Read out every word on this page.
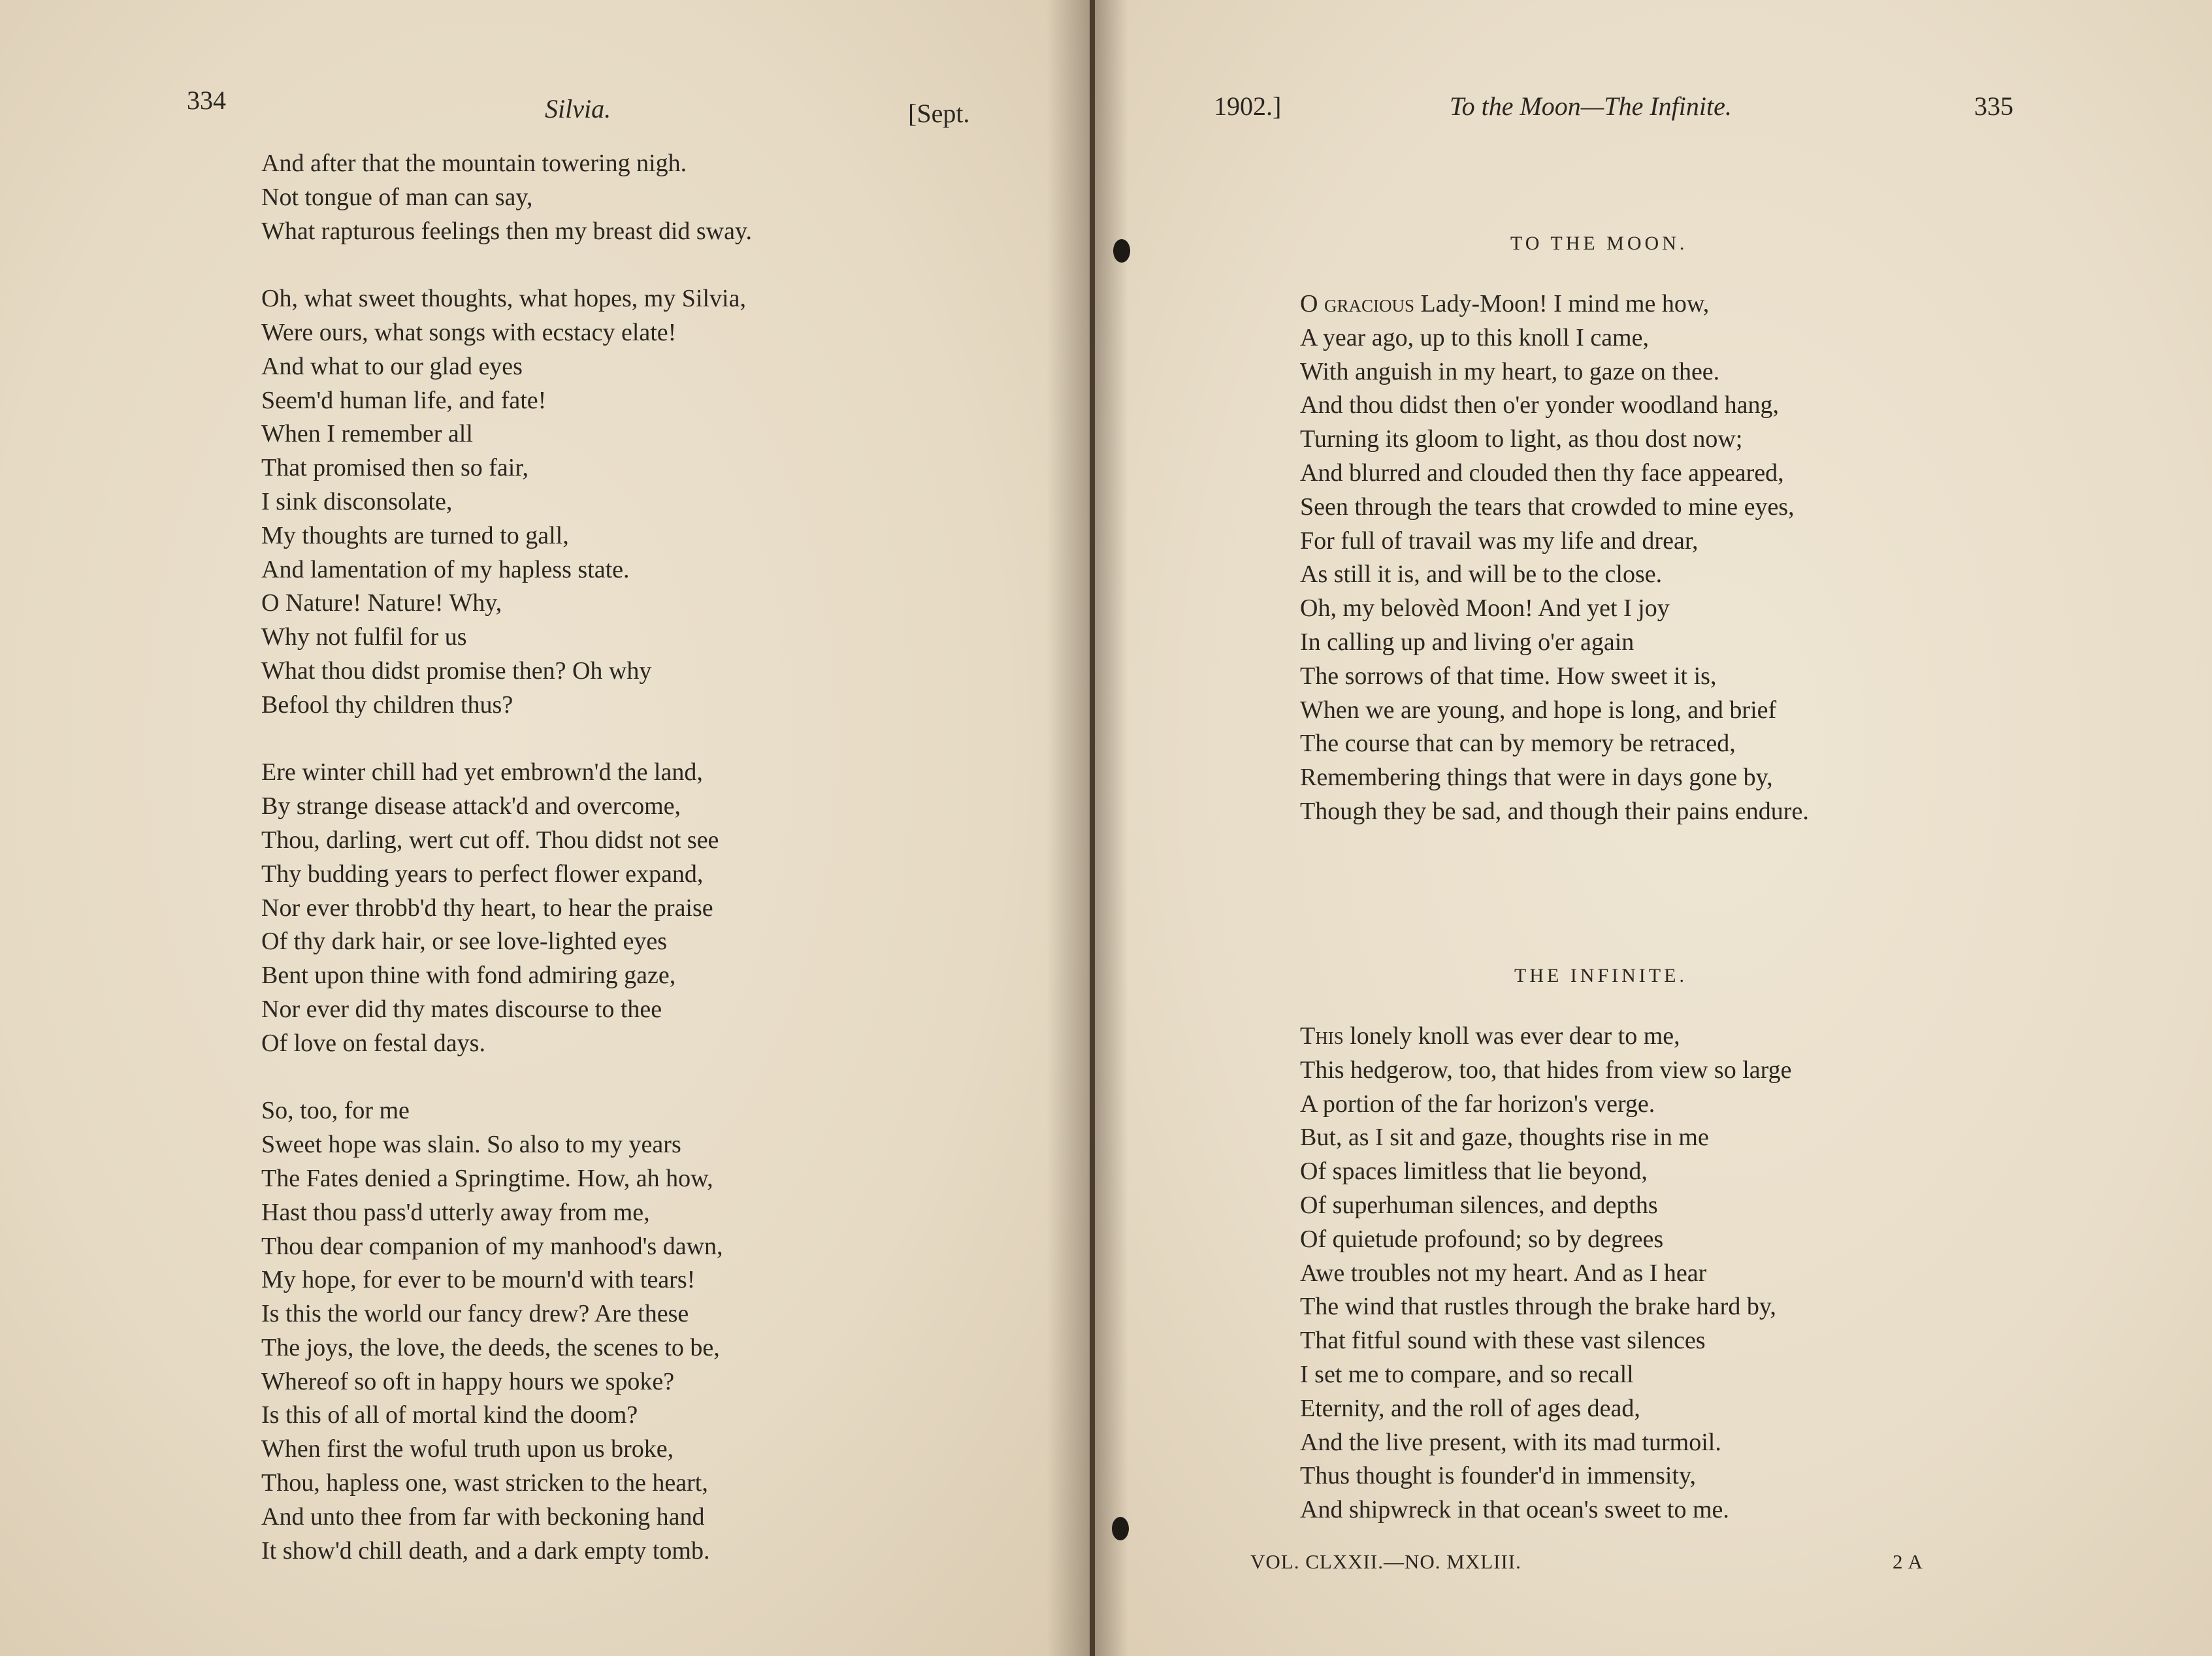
334	Silvia.	[Sept.
And after that the mountain towering nigh.
Not tongue of man can say,
What rapturous feelings then my breast did sway.
Oh, what sweet thoughts, what hopes, my Silvia,
Were ours, what songs with ecstacy elate!
And what to our glad eyes
Seem'd human life, and fate!
When I remember all
That promised then so fair,
I sink disconsolate,
My thoughts are turned to gall,
And lamentation of my hapless state.
O Nature! Nature! Why,
Why not fulfil for us
What thou didst promise then? Oh why
Befool thy children thus?
Ere winter chill had yet embrown'd the land,
By strange disease attack'd and overcome,
Thou, darling, wert cut off. Thou didst not see
Thy budding years to perfect flower expand,
Nor ever throbb'd thy heart, to hear the praise
Of thy dark hair, or see love-lighted eyes
Bent upon thine with fond admiring gaze,
Nor ever did thy mates discourse to thee
Of love on festal days.
So, too, for me
Sweet hope was slain. So also to my years
The Fates denied a Springtime. How, ah how,
Hast thou pass'd utterly away from me,
Thou dear companion of my manhood's dawn,
My hope, for ever to be mourn'd with tears!
Is this the world our fancy drew? Are these
The joys, the love, the deeds, the scenes to be,
Whereof so oft in happy hours we spoke?
Is this of all of mortal kind the doom?
When first the woful truth upon us broke,
Thou, hapless one, wast stricken to the heart,
And unto thee from far with beckoning hand
It show'd chill death, and a dark empty tomb.
1902.]	To the Moon—The Infinite.	335
TO THE MOON.
O gracious Lady-Moon! I mind me how,
A year ago, up to this knoll I came,
With anguish in my heart, to gaze on thee.
And thou didst then o'er yonder woodland hang,
Turning its gloom to light, as thou dost now;
And blurred and clouded then thy face appeared,
Seen through the tears that crowded to mine eyes,
For full of travail was my life and drear,
As still it is, and will be to the close.
Oh, my belovèd Moon! And yet I joy
In calling up and living o'er again
The sorrows of that time. How sweet it is,
When we are young, and hope is long, and brief
The course that can by memory be retraced,
Remembering things that were in days gone by,
Though they be sad, and though their pains endure.
THE INFINITE.
This lonely knoll was ever dear to me,
This hedgerow, too, that hides from view so large
A portion of the far horizon's verge.
But, as I sit and gaze, thoughts rise in me
Of spaces limitless that lie beyond,
Of superhuman silences, and depths
Of quietude profound; so by degrees
Awe troubles not my heart. And as I hear
The wind that rustles through the brake hard by,
That fitful sound with these vast silences
I set me to compare, and so recall
Eternity, and the roll of ages dead,
And the live present, with its mad turmoil.
Thus thought is founder'd in immensity,
And shipwreck in that ocean's sweet to me.
VOL. CLXXII.—NO. MXLIII.	2 A
